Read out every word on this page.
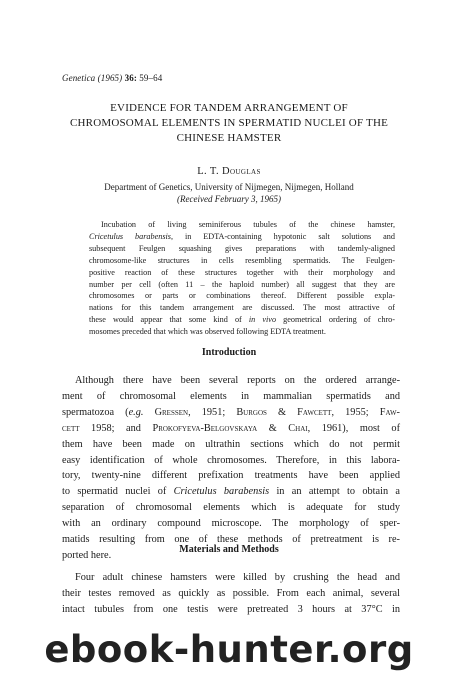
Genetica (1965) 36: 59–64
EVIDENCE FOR TANDEM ARRANGEMENT OF
CHROMOSOMAL ELEMENTS IN SPERMATID NUCLEI OF THE
CHINESE HAMSTER
L. T. Douglas
Department of Genetics, University of Nijmegen, Nijmegen, Holland
(Received February 3, 1965)
Incubation of living seminiferous tubules of the chinese hamster,
Cricetulus barabensis, in EDTA-containing hypotonic salt solutions and
subsequent Feulgen squashing gives preparations with tandemly-aligned
chromosome-like structures in cells resembling spermatids. The Feulgen-
positive reaction of these structures together with their morphology and
number per cell (often 11 – the haploid number) all suggest that they are
chromosomes or parts or combinations thereof. Different possible expla-
nations for this tandem arrangement are discussed. The most attractive of
these would appear that some kind of in vivo geometrical ordering of chro-
mosomes preceded that which was observed following EDTA treatment.
Introduction
Although there have been several reports on the ordered arrange-
ment of chromosomal elements in mammalian spermatids and
spermatozoa (e.g. Gressen, 1951; Burgos & Fawcett, 1955; Faw-
cett 1958; and Prokofyeva-Belgovskaya & Chai, 1961), most of
them have been made on ultrathin sections which do not permit
easy identification of whole chromosomes. Therefore, in this labora-
tory, twenty-nine different prefixation treatments have been applied
to spermatid nuclei of Cricetulus barabensis in an attempt to obtain a
separation of chromosomal elements which is adequate for study
with an ordinary compound microscope. The morphology of sper-
matids resulting from one of these methods of pretreatment is re-
ported here.
Materials and Methods
Four adult chinese hamsters were killed by crushing the head and
their testes removed as quickly as possible. From each animal, several
intact tubules from one testis were pretreated 3 hours at 37°C in
ebook-hunter.org
